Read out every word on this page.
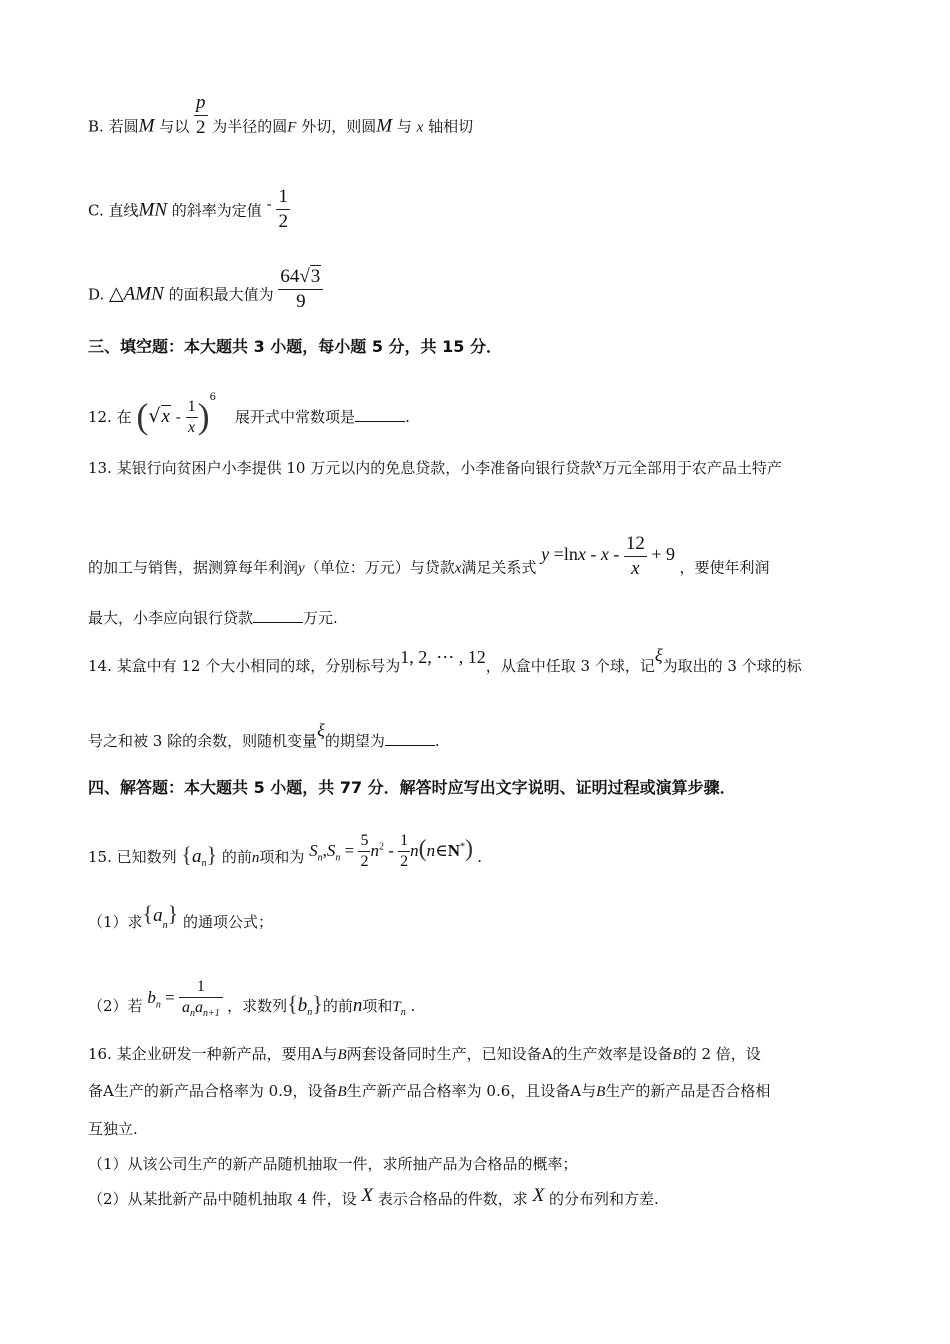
B. 若圆M 与以 $\frac{p}{2}$ 为半径的圆F 外切，则圆M 与 x 轴相切
C. 直线MN 的斜率为定值 - $\frac{1}{2}$
D. △AMN 的面积最大值为 $\frac{64√3}{9}$
三、填空题：本大题共 3 小题，每小题 5 分，共 15 分．
12. 在 $(√x - \frac{1}{x} )^6$    展开式中常数项是	.
13. 某银行向贫困户小李提供 10 万元以内的免息贷款，小李准备向银行贷款x万元全部用于农产品土特产
的加工与销售，据测算每年利润y（单位：万元）与贷款x满足关系式 $y =\ln x - x - \frac{12}{x} + 9$ ，要使年利润
最大，小李应向银行贷款	万元.
14. 某盒中有 12 个大小相同的球，分别标号为1, 2, ⋯ , 12，从盒中任取 3 个球，记ξ为取出的 3 个球的标
号之和被 3 除的余数，则随机变量ξ的期望为	.
四、解答题：本大题共 5 小题，共 77 分．解答时应写出文字说明、证明过程或演算步骤．
15. 已知数列 $\{a_n\}$ 的前n项和为 $S_n,S_n = \frac{5}{2} n^2 - \frac{1}{2}$ n(n∈N*) .
（1）求$\{a_n\}$ 的通项公式；
（2）若 $b_n = \frac{1}{a_na_{n+1}}$ ，求数列$\{b_n\}$的前n项和$T_n$ .
16. 某企业研发一种新产品，要用A与B两套设备同时生产，已知设备A的生产效率是设备B的 2 倍，设
备A生产的新产品合格率为 0.9，设备B生产新产品合格率为 0.6，且设备A与B生产的新产品是否合格相
互独立.
（1）从该公司生产的新产品随机抽取一件，求所抽产品为合格品的概率；
（2）从某批新产品中随机抽取 4 件，设 X 表示合格品的件数，求 X 的分布列和方差.
